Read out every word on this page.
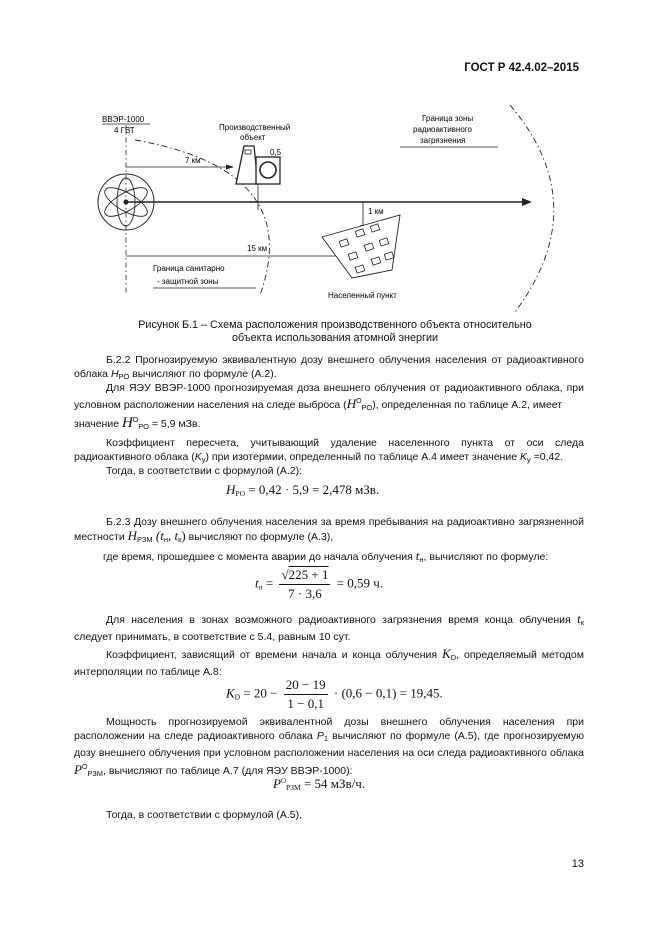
ГОСТ Р 42.4.02–2015
7 км
15 км
1 км
ВВЭР-1000
4 ГВТ	Производственный
объект
0,5
Граница зоны
радиоактивного
загрязнения
Граница санитарно
- защитной зоны
Населенный пункт
Рисунок Б.1 – Схема расположения производственного объекта относительно
объекта использования атомной энергии
Б.2.2 Прогнозируемую эквивалентную дозу внешнего облучения населения от радиоактивного облака $H_{РО}$ вычисляют по формуле (А.2).
Для ЯЭУ ВВЭР-1000 прогнозируемая доза внешнего облучения от радиоактивного облака, при условном расположении населения на следе выброса $(H^О_{РО})$, определенная по таблице А.2, имеет
значение $H^О_{РО} = 5,9$ мЗв.
Коэффициент пересчета, учитывающий удаление населенного пункта от оси следа радиоактивного облака $(K_y)$ при изотермии, определенный по таблице А.4 имеет значение $K_y =0,42$.
Тогда, в соответствии с формулой (А.2):
$H_{РО} = 0,42 \cdot 5,9 = 2,478$ мЗв.
Б.2.3 Дозу внешнего облучения населения за время пребывания на радиоактивно загрязненной местности $H_{РЗМ}$ ($t_н$, $t_к$) вычисляют по формуле (А.3),
где время, прошедшее с момента аварии до начала облучения $t_н$, вычисляют по формуле:
$t_н = \frac{√225 + 1}{7 \cdot 3,6} = 0,59$ ч.
Для населения в зонах возможного радиоактивного загрязнения время конца облучения $t_к$ следует принимать, в соответствие с 5.4, равным 10 сут.
Коэффициент, зависящий от времени начала и конца облучения $K_D$, определяемый методом интерполяции по таблице А.8:
$K_D = 20 - \frac{20 - 19}{1 - 0,1} \cdot (0,6 - 0,1) = 19,45$.
Мощность прогнозируемой эквивалентной дозы внешнего облучения населения при расположении на следе радиоактивного облака $P_1$ вычисляют по формуле (А.5), где прогнозируемую дозу внешнего облучения при условном расположении населения на оси следа радиоактивного облака $P^О_{РЗМ}$, вычисляют по таблице А.7 (для ЯЭУ ВВЭР-1000):
$P^О_{РЗМ} = 54$ мЗв/ч.
Тогда, в соответствии с формулой (А.5),
13
